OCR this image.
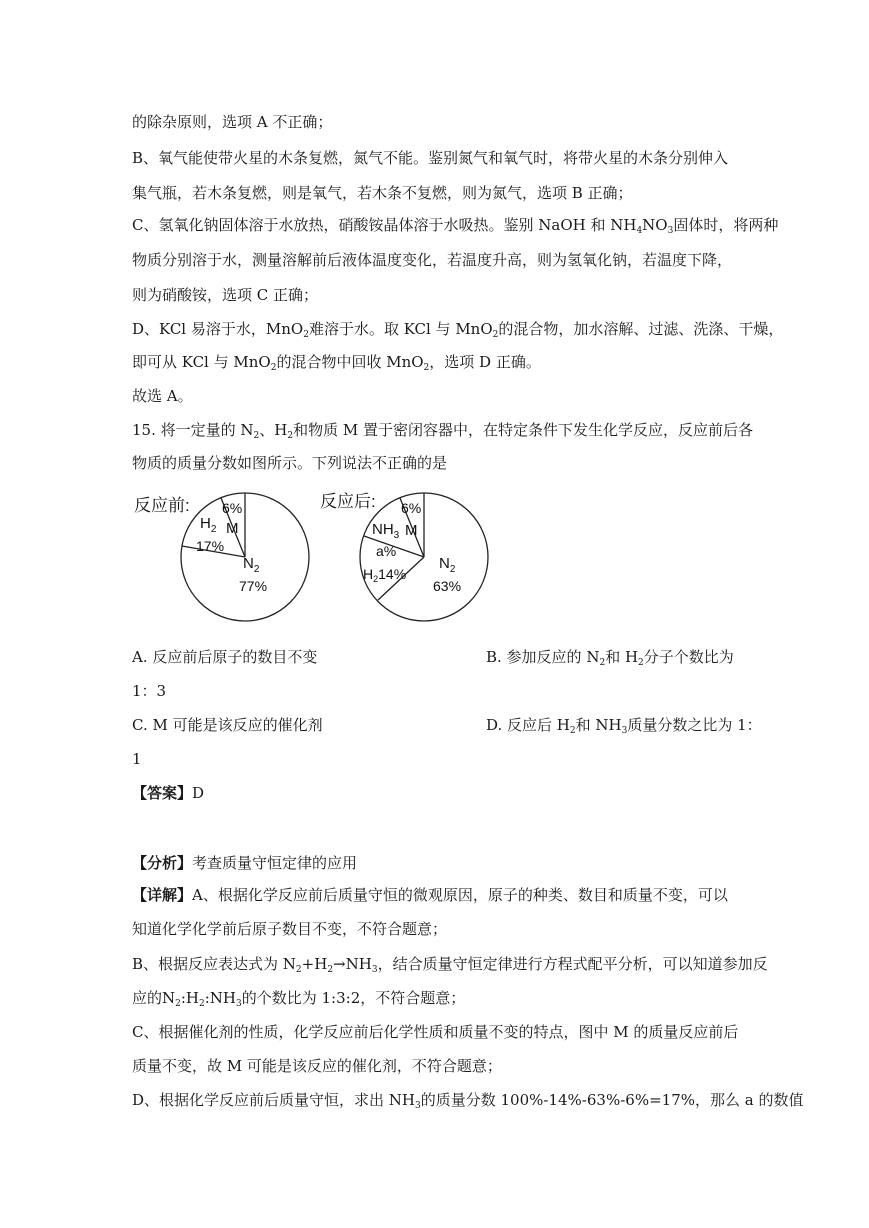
的除杂原则，选项 A 不正确；
B、氧气能使带火星的木条复燃，氮气不能。鉴别氮气和氧气时，将带火星的木条分别伸入
集气瓶，若木条复燃，则是氧气，若木条不复燃，则为氮气，选项 B 正确；
C、氢氧化钠固体溶于水放热，硝酸铵晶体溶于水吸热。鉴别 NaOH 和 $NH_4NO_3$固体时，将两种
物质分别溶于水，测量溶解前后液体温度变化，若温度升高，则为氢氧化钠，若温度下降，
则为硝酸铵，选项 C 正确；
D、KCl 易溶于水，MnO$_2$难溶于水。取 KCl 与 MnO$_2$的混合物，加水溶解、过滤、洗涤、干燥，
即可从 KCl 与 MnO$_2$的混合物中回收 MnO$_2$，选项 D 正确。
故选 A。
15. 将一定量的 $N_2$、$H_2$和物质 M 置于密闭容器中，在特定条件下发生化学反应，反应前后各
物质的质量分数如图所示。下列说法不正确的是
反应前: 6%
M
$H_2$
17%
$N_2$
77%
反应后: 6%
M
$NH_3$
a%
$H_214\%$
$N_2$
63%
A. 反应前后原子的数目不变	B. 参加反应的 $N_2$和 $H_2$分子个数比为
1：3
C. M 可能是该反应的催化剂	D. 反应后 $H_2$和 $NH_3$质量分数之比为 1：
1
【答案】D
【分析】考查质量守恒定律的应用
【详解】A、根据化学反应前后质量守恒的微观原因，原子的种类、数目和质量不变，可以
知道化学化学前后原子数目不变，不符合题意；
B、根据反应表达式为 $N_2+H_2\to NH_3$，结合质量守恒定律进行方程式配平分析，可以知道参加反
应的$N_2:H_2:NH_3$的个数比为 1:3:2，不符合题意；
C、根据催化剂的性质，化学反应前后化学性质和质量不变的特点，图中 M 的质量反应前后
质量不变，故 M 可能是该反应的催化剂，不符合题意；
D、根据化学反应前后质量守恒，求出 $NH_3$的质量分数 100%-14%-63%-6%=17%，那么 a 的数值
